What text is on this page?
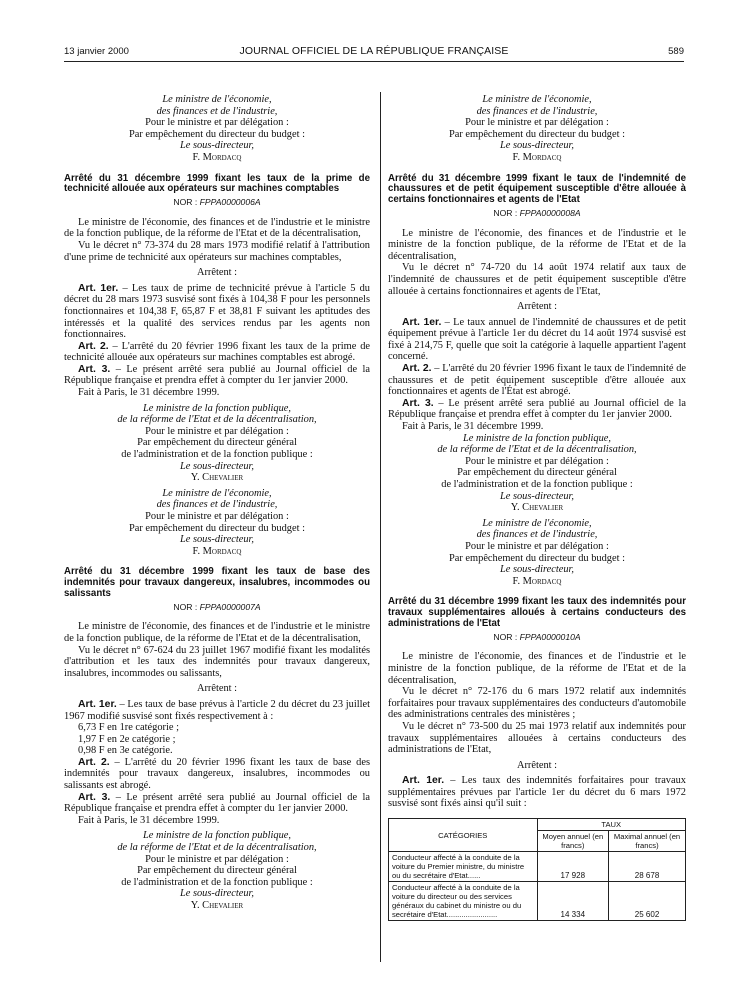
13 janvier 2000	JOURNAL OFFICIEL DE LA RÉPUBLIQUE FRANÇAISE	589

Le ministre de l'économie,

des finances et de l'industrie,

Pour le ministre et par délégation :

Par empêchement du directeur du budget :

Le sous-directeur,

F. Mordacq

Arrêté du 31 décembre 1999 fixant les taux de la prime de technicité allouée aux opérateurs sur machines comptables

NOR : FPPA0000006A

Le ministre de l'économie, des finances et de l'industrie et le ministre de la fonction publique, de la réforme de l'Etat et de la décentralisation,

Vu le décret n° 73-374 du 28 mars 1973 modifié relatif à l'attribution d'une prime de technicité aux opérateurs sur machines comptables,

Arrêtent :

Art. 1er. – Les taux de prime de technicité prévue à l'article 5 du décret du 28 mars 1973 susvisé sont fixés à 104,38 F pour les personnels fonctionnaires et 104,38 F, 65,87 F et 38,81 F suivant les aptitudes des intéressés et la qualité des services rendus par les agents non fonctionnaires.

Art. 2. – L'arrêté du 20 février 1996 fixant les taux de la prime de technicité allouée aux opérateurs sur machines comptables est abrogé.

Art. 3. – Le présent arrêté sera publié au Journal officiel de la République française et prendra effet à compter du 1er janvier 2000.

Fait à Paris, le 31 décembre 1999.

Le ministre de la fonction publique,

de la réforme de l'Etat et de la décentralisation,

Pour le ministre et par délégation :

Par empêchement du directeur général

de l'administration et de la fonction publique :

Le sous-directeur,

Y. Chevalier

Le ministre de l'économie,

des finances et de l'industrie,

Pour le ministre et par délégation :

Par empêchement du directeur du budget :

Le sous-directeur,

F. Mordacq

Arrêté du 31 décembre 1999 fixant les taux de base des indemnités pour travaux dangereux, insalubres, incommodes ou salissants

NOR : FPPA0000007A

Le ministre de l'économie, des finances et de l'industrie et le ministre de la fonction publique, de la réforme de l'Etat et de la décentralisation,

Vu le décret n° 67-624 du 23 juillet 1967 modifié fixant les modalités d'attribution et les taux des indemnités pour travaux dangereux, insalubres, incommodes ou salissants,

Arrêtent :

Art. 1er. – Les taux de base prévus à l'article 2 du décret du 23 juillet 1967 modifié susvisé sont fixés respectivement à :

6,73 F en 1re catégorie ;

1,97 F en 2e catégorie ;

0,98 F en 3e catégorie.

Art. 2. – L'arrêté du 20 février 1996 fixant les taux de base des indemnités pour travaux dangereux, insalubres, incommodes ou salissants est abrogé.

Art. 3. – Le présent arrêté sera publié au Journal officiel de la République française et prendra effet à compter du 1er janvier 2000.

Fait à Paris, le 31 décembre 1999.

Le ministre de la fonction publique,

de la réforme de l'Etat et de la décentralisation,

Pour le ministre et par délégation :

Par empêchement du directeur général

de l'administration et de la fonction publique :

Le sous-directeur,

Y. Chevalier

Le ministre de l'économie,

des finances et de l'industrie,

Pour le ministre et par délégation :

Par empêchement du directeur du budget :

Le sous-directeur,

F. Mordacq

Arrêté du 31 décembre 1999 fixant le taux de l'indemnité de chaussures et de petit équipement susceptible d'être allouée à certains fonctionnaires et agents de l'Etat

NOR : FPPA0000008A

Le ministre de l'économie, des finances et de l'industrie et le ministre de la fonction publique, de la réforme de l'Etat et de la décentralisation,

Vu le décret n° 74-720 du 14 août 1974 relatif aux taux de l'indemnité de chaussures et de petit équipement susceptible d'être allouée à certains fonctionnaires et agents de l'Etat,

Arrêtent :

Art. 1er. – Le taux annuel de l'indemnité de chaussures et de petit équipement prévue à l'article 1er du décret du 14 août 1974 susvisé est fixé à 214,75 F, quelle que soit la catégorie à laquelle appartient l'agent concerné.

Art. 2. – L'arrêté du 20 février 1996 fixant le taux de l'indemnité de chaussures et de petit équipement susceptible d'être allouée aux fonctionnaires et agents de l'État est abrogé.

Art. 3. – Le présent arrêté sera publié au Journal officiel de la République française et prendra effet à compter du 1er janvier 2000.

Fait à Paris, le 31 décembre 1999.

Le ministre de la fonction publique,

de la réforme de l'Etat et de la décentralisation,

Pour le ministre et par délégation :

Par empêchement du directeur général

de l'administration et de la fonction publique :

Le sous-directeur,

Y. Chevalier

Le ministre de l'économie,

des finances et de l'industrie,

Pour le ministre et par délégation :

Par empêchement du directeur du budget :

Le sous-directeur,

F. Mordacq

Arrêté du 31 décembre 1999 fixant les taux des indemnités pour travaux supplémentaires alloués à certains conducteurs des administrations de l'Etat

NOR : FPPA0000010A

Le ministre de l'économie, des finances et de l'industrie et le ministre de la fonction publique, de la réforme de l'Etat et de la décentralisation,

Vu le décret n° 72-176 du 6 mars 1972 relatif aux indemnités forfaitaires pour travaux supplémentaires des conducteurs d'automobile des administrations centrales des ministères ;

Vu le décret n° 73-500 du 25 mai 1973 relatif aux indemnités pour travaux supplémentaires allouées à certains conducteurs des administrations de l'Etat,

Arrêtent :

Art. 1er. – Les taux des indemnités forfaitaires pour travaux supplémentaires prévues par l'article 1er du décret du 6 mars 1972 susvisé sont fixés ainsi qu'il suit :

CATÉGORIES	TAUX	
	Moyen annuel (en francs)	Maximal annuel (en francs)
Conducteur affecté à la conduite de la voiture du Premier ministre, du ministre ou du secrétaire d'Etat......	17 928	28 678
Conducteur affecté à la conduite de la voiture du directeur ou des services généraux du cabinet du ministre ou du secrétaire d'Etat........................	14 334	25 602
